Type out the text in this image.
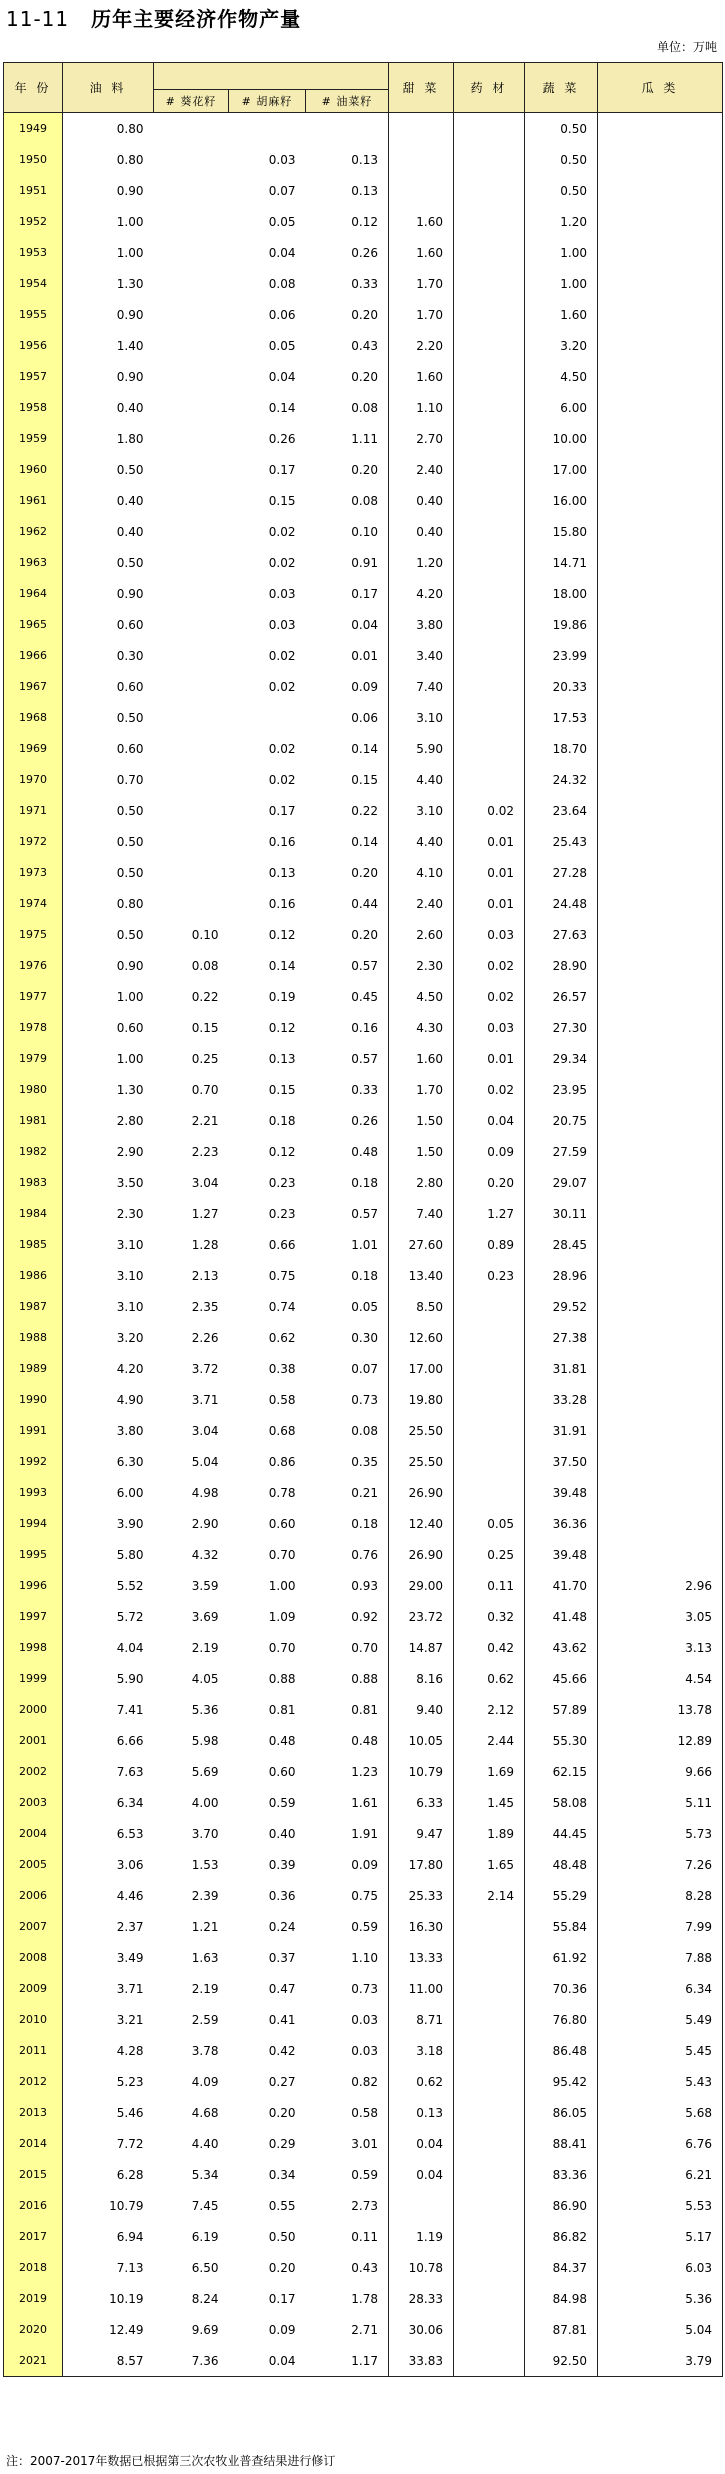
11-11 历年主要经济作物产量
单位：万吨
年 份	油 料				甜 菜	药 材	蔬 菜	瓜 类
		# 葵花籽	# 胡麻籽	# 油菜籽				
1949	0.80						0.50	
1950	0.80		0.03	0.13			0.50	
1951	0.90		0.07	0.13			0.50	
1952	1.00		0.05	0.12	1.60		1.20	
1953	1.00		0.04	0.26	1.60		1.00	
1954	1.30		0.08	0.33	1.70		1.00	
1955	0.90		0.06	0.20	1.70		1.60	
1956	1.40		0.05	0.43	2.20		3.20	
1957	0.90		0.04	0.20	1.60		4.50	
1958	0.40		0.14	0.08	1.10		6.00	
1959	1.80		0.26	1.11	2.70		10.00	
1960	0.50		0.17	0.20	2.40		17.00	
1961	0.40		0.15	0.08	0.40		16.00	
1962	0.40		0.02	0.10	0.40		15.80	
1963	0.50		0.02	0.91	1.20		14.71	
1964	0.90		0.03	0.17	4.20		18.00	
1965	0.60		0.03	0.04	3.80		19.86	
1966	0.30		0.02	0.01	3.40		23.99	
1967	0.60		0.02	0.09	7.40		20.33	
1968	0.50			0.06	3.10		17.53	
1969	0.60		0.02	0.14	5.90		18.70	
1970	0.70		0.02	0.15	4.40		24.32	
1971	0.50		0.17	0.22	3.10	0.02	23.64	
1972	0.50		0.16	0.14	4.40	0.01	25.43	
1973	0.50		0.13	0.20	4.10	0.01	27.28	
1974	0.80		0.16	0.44	2.40	0.01	24.48	
1975	0.50	0.10	0.12	0.20	2.60	0.03	27.63	
1976	0.90	0.08	0.14	0.57	2.30	0.02	28.90	
1977	1.00	0.22	0.19	0.45	4.50	0.02	26.57	
1978	0.60	0.15	0.12	0.16	4.30	0.03	27.30	
1979	1.00	0.25	0.13	0.57	1.60	0.01	29.34	
1980	1.30	0.70	0.15	0.33	1.70	0.02	23.95	
1981	2.80	2.21	0.18	0.26	1.50	0.04	20.75	
1982	2.90	2.23	0.12	0.48	1.50	0.09	27.59	
1983	3.50	3.04	0.23	0.18	2.80	0.20	29.07	
1984	2.30	1.27	0.23	0.57	7.40	1.27	30.11	
1985	3.10	1.28	0.66	1.01	27.60	0.89	28.45	
1986	3.10	2.13	0.75	0.18	13.40	0.23	28.96	
1987	3.10	2.35	0.74	0.05	8.50		29.52	
1988	3.20	2.26	0.62	0.30	12.60		27.38	
1989	4.20	3.72	0.38	0.07	17.00		31.81	
1990	4.90	3.71	0.58	0.73	19.80		33.28	
1991	3.80	3.04	0.68	0.08	25.50		31.91	
1992	6.30	5.04	0.86	0.35	25.50		37.50	
1993	6.00	4.98	0.78	0.21	26.90		39.48	
1994	3.90	2.90	0.60	0.18	12.40	0.05	36.36	
1995	5.80	4.32	0.70	0.76	26.90	0.25	39.48	
1996	5.52	3.59	1.00	0.93	29.00	0.11	41.70	2.96
1997	5.72	3.69	1.09	0.92	23.72	0.32	41.48	3.05
1998	4.04	2.19	0.70	0.70	14.87	0.42	43.62	3.13
1999	5.90	4.05	0.88	0.88	8.16	0.62	45.66	4.54
2000	7.41	5.36	0.81	0.81	9.40	2.12	57.89	13.78
2001	6.66	5.98	0.48	0.48	10.05	2.44	55.30	12.89
2002	7.63	5.69	0.60	1.23	10.79	1.69	62.15	9.66
2003	6.34	4.00	0.59	1.61	6.33	1.45	58.08	5.11
2004	6.53	3.70	0.40	1.91	9.47	1.89	44.45	5.73
2005	3.06	1.53	0.39	0.09	17.80	1.65	48.48	7.26
2006	4.46	2.39	0.36	0.75	25.33	2.14	55.29	8.28
2007	2.37	1.21	0.24	0.59	16.30		55.84	7.99
2008	3.49	1.63	0.37	1.10	13.33		61.92	7.88
2009	3.71	2.19	0.47	0.73	11.00		70.36	6.34
2010	3.21	2.59	0.41	0.03	8.71		76.80	5.49
2011	4.28	3.78	0.42	0.03	3.18		86.48	5.45
2012	5.23	4.09	0.27	0.82	0.62		95.42	5.43
2013	5.46	4.68	0.20	0.58	0.13		86.05	5.68
2014	7.72	4.40	0.29	3.01	0.04		88.41	6.76
2015	6.28	5.34	0.34	0.59	0.04		83.36	6.21
2016	10.79	7.45	0.55	2.73			86.90	5.53
2017	6.94	6.19	0.50	0.11	1.19		86.82	5.17
2018	7.13	6.50	0.20	0.43	10.78		84.37	6.03
2019	10.19	8.24	0.17	1.78	28.33		84.98	5.36
2020	12.49	9.69	0.09	2.71	30.06		87.81	5.04
2021	8.57	7.36	0.04	1.17	33.83		92.50	3.79
注：2007-2017年数据已根据第三次农牧业普查结果进行修订
